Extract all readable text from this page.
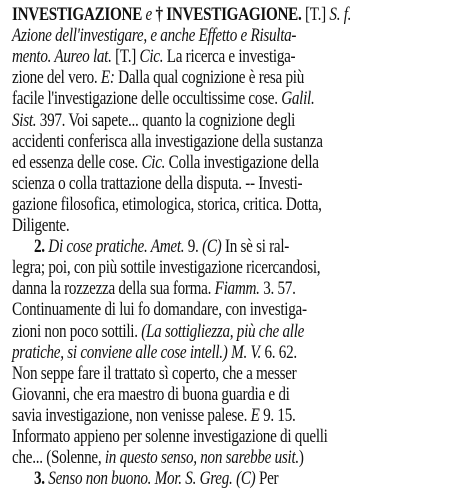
INVESTIGAZIONE e † INVESTIGAGIONE. [T.] S. f.
Azione dell'investigare, e anche Effetto e Risulta-
mento. Aureo lat. [T.] Cic. La ricerca e investiga-
zione del vero. E: Dalla qual cognizione è resa più
facile l'investigazione delle occultissime cose. Galil.
Sist. 397. Voi sapete... quanto la cognizione degli
accidenti conferisca alla investigazione della sustanza
ed essenza delle cose. Cic. Colla investigazione della
scienza o colla trattazione della disputa. -- Investi-
gazione filosofica, etimologica, storica, critica. Dotta,
Diligente.
2. Di cose pratiche. Amet. 9. (C) In sè si ral-
legra; poi, con più sottile investigazione ricercandosi,
danna la rozzezza della sua forma. Fiamm. 3. 57.
Continuamente di lui fo domandare, con investiga-
zioni non poco sottili. (La sottigliezza, più che alle
pratiche, si conviene alle cose intell.) M. V. 6. 62.
Non seppe fare il trattato sì coperto, che a messer
Giovanni, che era maestro di buona guardia e di
savia investigazione, non venisse palese. E 9. 15.
Informato appieno per solenne investigazione di quelli
che... (Solenne, in questo senso, non sarebbe usit.)
3. Senso non buono. Mor. S. Greg. (C) Per
